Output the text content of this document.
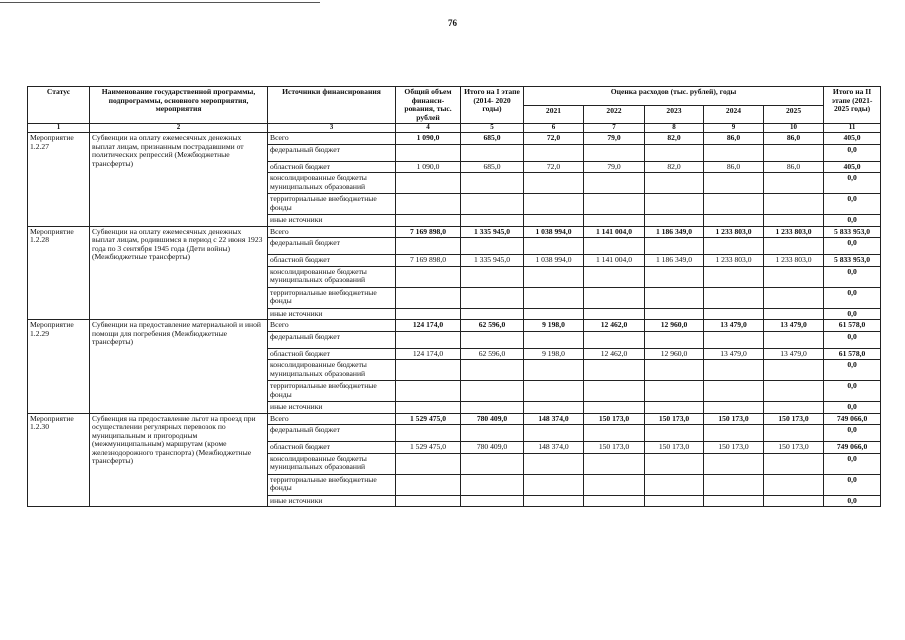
76
Статус	Наименование государственной программы, подпрограммы, основного мероприятия, мероприятия	Источники финансирования	Общий объем финанси- рования, тыс. рублей	Итого на I этапе (2014- 2020 годы)	Оценка расходов (тыс. рублей), годы					Итого на II этапе (2021- 2025 годы)
					2021	2022	2023	2024	2025	
1	2	3	4	5	6	7	8	9	10	11
Мероприятие 1.2.27	Субвенции на оплату ежемесячных денежных выплат лицам, признанным пострадавшими от политических репрессий (Межбюджетные трансферты)	Всего	1 090,0	685,0	72,0	79,0	82,0	86,0	86,0	405,0
		федеральный бюджет								0,0
		областной бюджет	1 090,0	685,0	72,0	79,0	82,0	86,0	86,0	405,0
		консолидированные бюджеты муниципальных образований								0,0
		территориальные внебюджетные фонды								0,0
		иные источники								0,0
Мероприятие 1.2.28	Субвенции на оплату ежемесячных денежных выплат лицам, родившимся в период с 22 июня 1923 года по 3 сентября 1945 года (Дети войны) (Межбюджетные трансферты)	Всего	7 169 898,0	1 335 945,0	1 038 994,0	1 141 004,0	1 186 349,0	1 233 803,0	1 233 803,0	5 833 953,0
		федеральный бюджет								0,0
		областной бюджет	7 169 898,0	1 335 945,0	1 038 994,0	1 141 004,0	1 186 349,0	1 233 803,0	1 233 803,0	5 833 953,0
		консолидированные бюджеты муниципальных образований								0,0
		территориальные внебюджетные фонды								0,0
		иные источники								0,0
Мероприятие 1.2.29	Субвенции на предоставление материальной и иной помощи для погребения (Межбюджетные трансферты)	Всего	124 174,0	62 596,0	9 198,0	12 462,0	12 960,0	13 479,0	13 479,0	61 578,0
		федеральный бюджет								0,0
		областной бюджет	124 174,0	62 596,0	9 198,0	12 462,0	12 960,0	13 479,0	13 479,0	61 578,0
		консолидированные бюджеты муниципальных образований								0,0
		территориальные внебюджетные фонды								0,0
		иные источники								0,0
Мероприятие 1.2.30	Субвенция на предоставление льгот на проезд при осуществлении регулярных перевозок по муниципальным и пригородным (межмуниципальным) маршрутам (кроме железнодорожного транспорта) (Межбюджетные трансферты)	Всего	1 529 475,0	780 409,0	148 374,0	150 173,0	150 173,0	150 173,0	150 173,0	749 066,0
		федеральный бюджет								0,0
		областной бюджет	1 529 475,0	780 409,0	148 374,0	150 173,0	150 173,0	150 173,0	150 173,0	749 066,0
		консолидированные бюджеты муниципальных образований								0,0
		территориальные внебюджетные фонды								0,0
		иные источники								0,0
